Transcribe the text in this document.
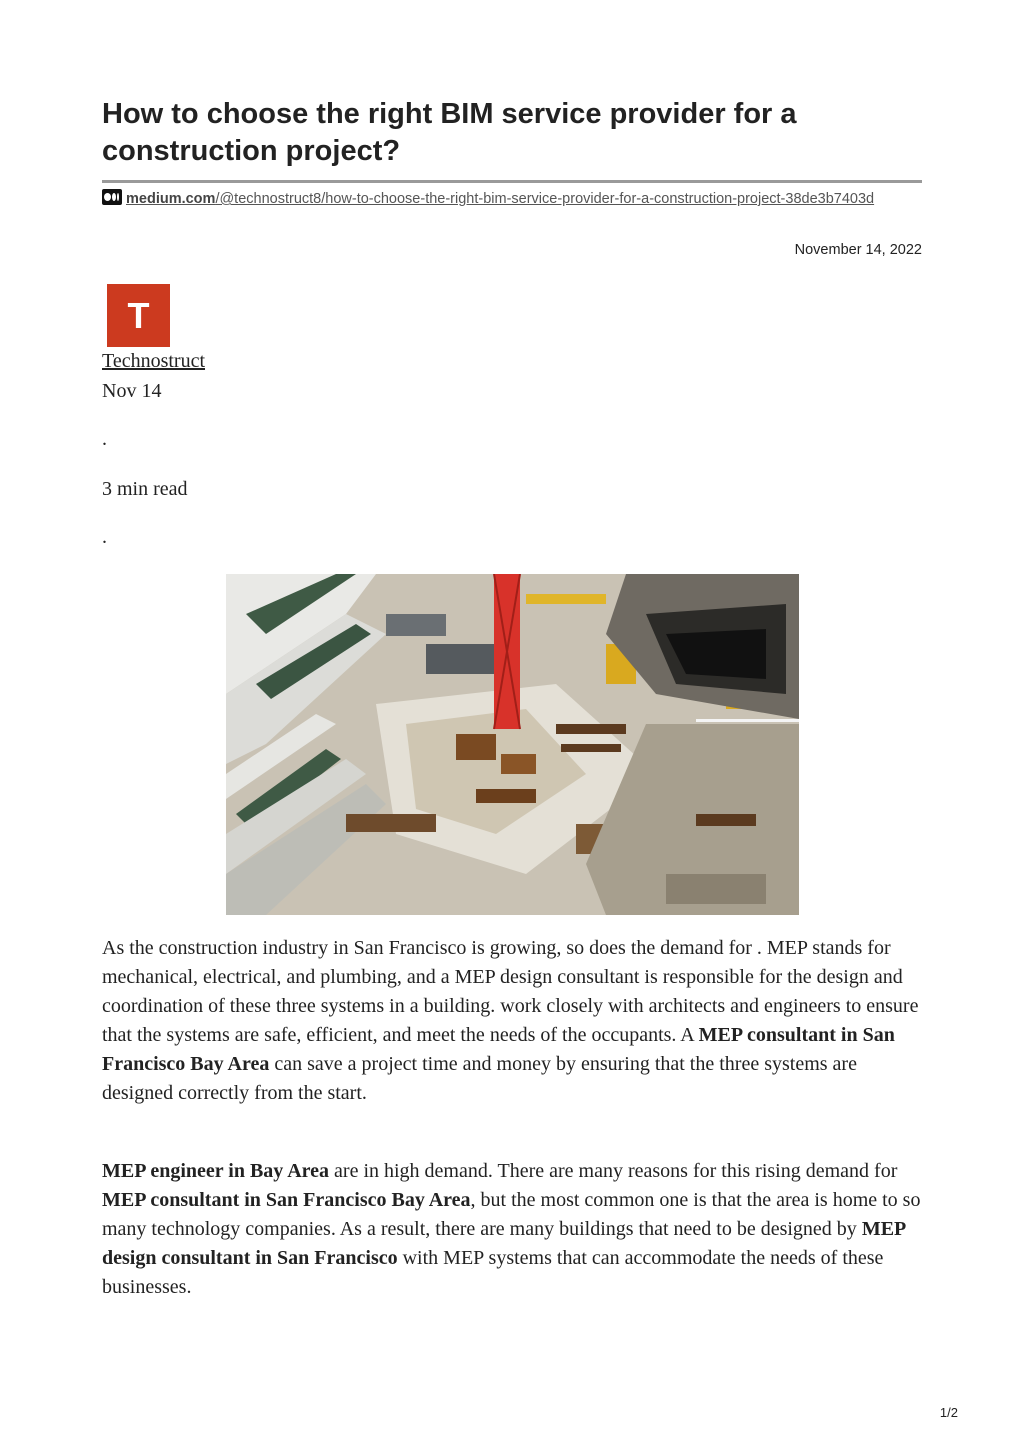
How to choose the right BIM service provider for a construction project?
medium.com/@technostruct8/how-to-choose-the-right-bim-service-provider-for-a-construction-project-38de3b7403d
November 14, 2022
T
Technostruct
Nov 14
.
3 min read
.

As the construction industry in San Francisco is growing, so does the demand for . MEP stands for mechanical, electrical, and plumbing, and a MEP design consultant is responsible for the design and coordination of these three systems in a building. work closely with architects and engineers to ensure that the systems are safe, efficient, and meet the needs of the occupants. A MEP consultant in San Francisco Bay Area can save a project time and money by ensuring that the three systems are designed correctly from the start.

MEP engineer in Bay Area are in high demand. There are many reasons for this rising demand for MEP consultant in San Francisco Bay Area, but the most common one is that the area is home to so many technology companies. As a result, there are many buildings that need to be designed by MEP design consultant in San Francisco with MEP systems that can accommodate the needs of these businesses.

1/2
